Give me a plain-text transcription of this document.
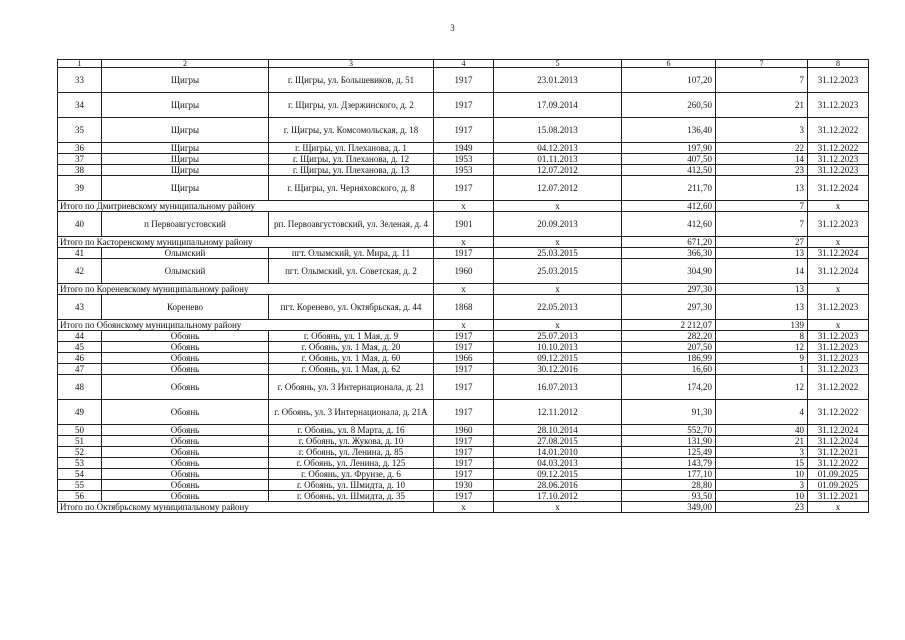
3
1	2	3	4	5	6	7	8
33	Щигры	г. Щигры, ул. Большевиков, д. 51	1917	23.01.2013	107,20	7	31.12.2023
34	Щигры	г. Щигры, ул. Дзержинского, д. 2	1917	17.09.2014	260,50	21	31.12.2023
35	Щигры	г. Щигры, ул. Комсомольская, д. 18	1917	15.08.2013	136,40	3	31.12.2022
36	Щигры	г. Щигры, ул. Плеханова, д. 1	1949	04.12.2013	197,90	22	31.12.2022
37	Щигры	г. Щигры, ул. Плеханова, д. 12	1953	01.11.2013	407,50	14	31.12.2023
38	Щигры	г. Щигры, ул. Плеханова, д. 13	1953	12.07.2012	412,50	23	31.12.2023
39	Щигры	г. Щигры, ул. Черняховского, д. 8	1917	12.07.2012	211,70	13	31.12.2024
Итого по Дмитриевскому муниципальному району			x	x	412,60	7	x
40	п Первоавгустовский	рп. Первоавгустовский, ул. Зеленая, д. 4	1901	20.09.2013	412,60	7	31.12.2023
Итого по Касторенскому муниципальному району			x	x	671,20	27	x
41	Олымский	пгт. Олымский, ул. Мира, д. 11	1917	25.03.2015	366,30	13	31.12.2024
42	Олымский	пгт. Олымский, ул. Советская, д. 2	1960	25.03.2015	304,90	14	31.12.2024
Итого по Кореневскому муниципальному району			x	x	297,30	13	x
43	Коренево	пгт. Коренево, ул. Октябрьская, д. 44	1868	22.05.2013	297,30	13	31.12.2023
Итого по Обоянскому муниципальному району			x	x	2 212,07	139	x
44	Обоянь	г. Обоянь, ул. 1 Мая, д. 9	1917	25.07.2013	282,20	8	31.12.2023
45	Обоянь	г. Обоянь, ул. 1 Мая, д. 20	1917	10.10.2013	207,50	12	31.12.2023
46	Обоянь	г. Обоянь, ул. 1 Мая, д. 60	1966	09.12.2015	186,99	9	31.12.2023
47	Обоянь	г. Обоянь, ул. 1 Мая, д. 62	1917	30.12.2016	16,60	1	31.12.2023
48	Обоянь	г. Обоянь, ул. 3 Интернационала, д. 21	1917	16.07.2013	174,20	12	31.12.2022
49	Обоянь	г. Обоянь, ул. 3 Интернационала, д. 21А	1917	12.11.2012	91,30	4	31.12.2022
50	Обоянь	г. Обоянь, ул. 8 Марта, д. 16	1960	28.10.2014	552,70	40	31.12.2024
51	Обоянь	г. Обоянь, ул. Жукова, д. 10	1917	27.08.2015	131,90	21	31.12.2024
52	Обоянь	г. Обоянь, ул. Ленина, д. 85	1917	14.01.2010	125,49	3	31.12.2021
53	Обоянь	г. Обоянь, ул. Ленина, д. 125	1917	04.03.2013	143,79	15	31.12.2022
54	Обоянь	г. Обоянь, ул. Фрунзе, д. 6	1917	09.12.2015	177,10	10	01.09.2025
55	Обоянь	г. Обоянь, ул. Шмидта, д. 10	1930	28.06.2016	28,80	3	01.09.2025
56	Обоянь	г. Обоянь, ул. Шмидта, д. 35	1917	17.10.2012	93,50	10	31.12.2021
Итого по Октябрьскому муниципальному району			x	x	349,00	23	x
